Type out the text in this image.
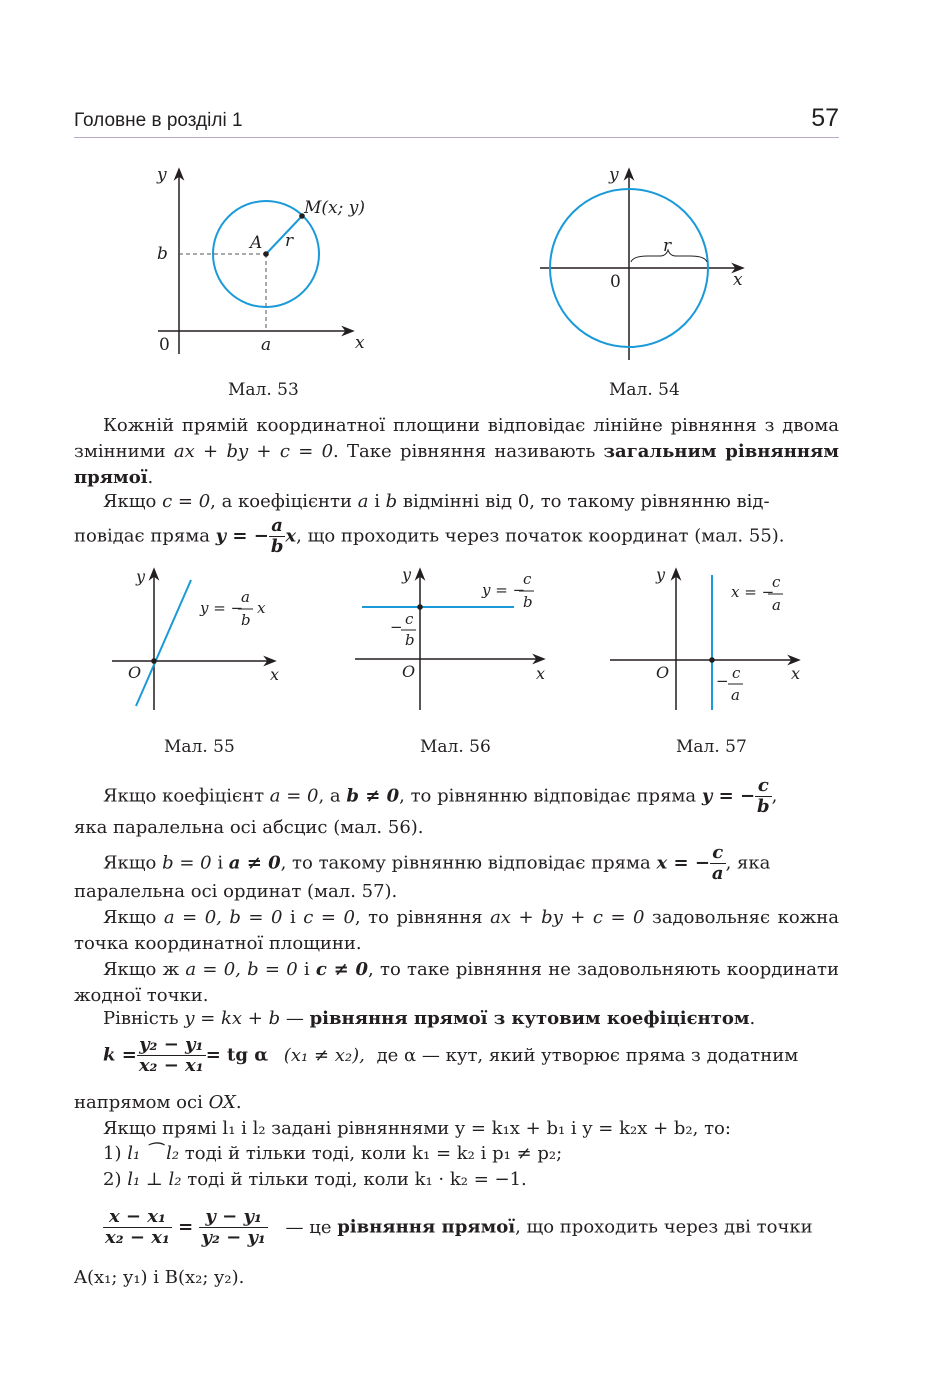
Головне в розділі 1	57
y
x
0	a
b
A r
M(x; y)
Мал. 53
r
y
x
0
Мал. 54
Кожній прямій координатної площини відповідає лінійне рівняння з двома змінними ax + by + c = 0. Таке рівняння називають загальним рівнянням прямої.
Якщо c = 0, а коефіцієнти a і b відмінні від 0, то такому рівнянню від-
повідає пряма y = − $\frac{a}{b} x$, що проходить через початок координат (мал. 55).
y
x
O
y = −
a
b
x
Мал. 55
y
x
O
y = −
c
b
− c
b
Мал. 56
y
x
O
x = −
c
a
− c
a
Мал. 57
Якщо коефіцієнт a = 0, а b ≠ 0, то рівнянню відповідає пряма y = − $\frac{c}{b}$ ,
яка паралельна осі абсцис (мал. 56).
Якщо b = 0 і a ≠ 0, то такому рівнянню відповідає пряма x = − $\frac{c}{a}$ , яка
паралельна осі ординат (мал. 57).
Якщо a = 0, b = 0 і c = 0, то рівняння ax + by + c = 0 задовольняє кожна точка координатної площини.
Якщо ж a = 0, b = 0 і c ≠ 0, то таке рівняння не задовольняють координати жодної точки.
Рівність y = kx + b — рівняння прямої з кутовим коефіцієнтом.
$k = \frac{\text{y₂ − y₁}}{\text{x₂ − x₁}}$ = tg α (x₁ ≠ x₂), де α — кут, який утворює пряма з додатним
напрямом осі OX.
Якщо прямі l₁ і l₂ задані рівняннями y = k₁x + b₁ і y = k₂x + b₂, то:
1) l₁ ⁀ l₂ тоді й тільки тоді, коли k₁ = k₂ і p₁ ≠ p₂;
2) l₁ ⊥ l₂ тоді й тільки тоді, коли k₁ · k₂ = −1.
$\frac{\text{x − x₁}}{\text{x₂ − x₁}} = \frac{\text{y − y₁}}{\text{y₂ − y₁}}$ — це рівняння прямої, що проходить через дві точки
A(x₁; y₁) і B(x₂; y₂).
